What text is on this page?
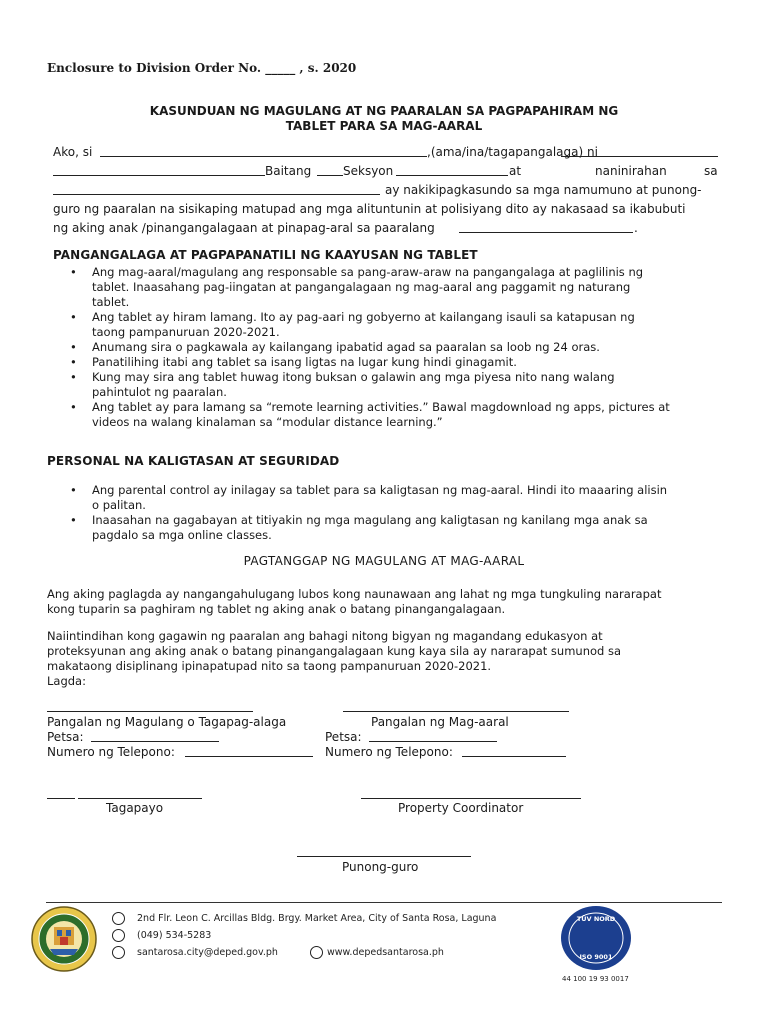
Enclosure to Division Order No. _____ , s. 2020
KASUNDUAN NG MAGULANG AT NG PAARALAN SA PAGPAPAHIRAM NG
TABLET PARA SA MAG-AARAL
Ako, si	,(ama/ina/tagapangalaga) ni
Baitang	Seksyon	at	naninirahan	sa
ay nakikipagkasundo sa mga namumuno at punong-
guro ng paaralan na sisikaping matupad ang mga alituntunin at polisiyang dito ay nakasaad sa ikabubuti
ng aking anak /pinangangalagaan at pinapag-aral sa paaralang	.
PANGANGALAGA AT PAGPAPANATILI NG KAAYUSAN NG TABLET
• Ang mag-aaral/magulang ang responsable sa pang-araw-araw na pangangalaga at paglilinis ng
tablet. Inaasahang pag-iingatan at pangangalagaan ng mag-aaral ang paggamit ng naturang
tablet.
• Ang tablet ay hiram lamang. Ito ay pag-aari ng gobyerno at kailangang isauli sa katapusan ng
taong pampanuruan 2020-2021.
• Anumang sira o pagkawala ay kailangang ipabatid agad sa paaralan sa loob ng 24 oras.
• Panatilihing itabi ang tablet sa isang ligtas na lugar kung hindi ginagamit.
• Kung may sira ang tablet huwag itong buksan o galawin ang mga piyesa nito nang walang
pahintulot ng paaralan.
• Ang tablet ay para lamang sa “remote learning activities.” Bawal magdownload ng apps, pictures at
videos na walang kinalaman sa “modular distance learning.”
PERSONAL NA KALIGTASAN AT SEGURIDAD
• Ang parental control ay inilagay sa tablet para sa kaligtasan ng mag-aaral. Hindi ito maaaring alisin
o palitan.
• Inaasahan na gagabayan at titiyakin ng mga magulang ang kaligtasan ng kanilang mga anak sa
pagdalo sa mga online classes.
PAGTANGGAP NG MAGULANG AT MAG-AARAL
Ang aking paglagda ay nangangahulugang lubos kong naunawaan ang lahat ng mga tungkuling nararapat
kong tuparin sa paghiram ng tablet ng aking anak o batang pinangangalagaan.
Naiintindihan kong gagawin ng paaralan ang bahagi nitong bigyan ng magandang edukasyon at
proteksyunan ang aking anak o batang pinangangalagaan kung kaya sila ay nararapat sumunod sa
makataong disiplinang ipinapatupad nito sa taong pampanuruan 2020-2021.
Lagda:
Pangalan ng Magulang o Tagapag-alaga	Pangalan ng Mag-aaral
Petsa:	Petsa:
Numero ng Telepono:	Numero ng Telepono:
Tagapayo	Property Coordinator
Punong-guro
2nd Flr. Leon C. Arcillas Bldg. Brgy. Market Area, City of Santa Rosa, Laguna
(049) 534-5283
santarosa.city@deped.gov.ph	www.depedsantarosa.ph
TÜV NORD
ISO 9001
44 100 19 93 0017
